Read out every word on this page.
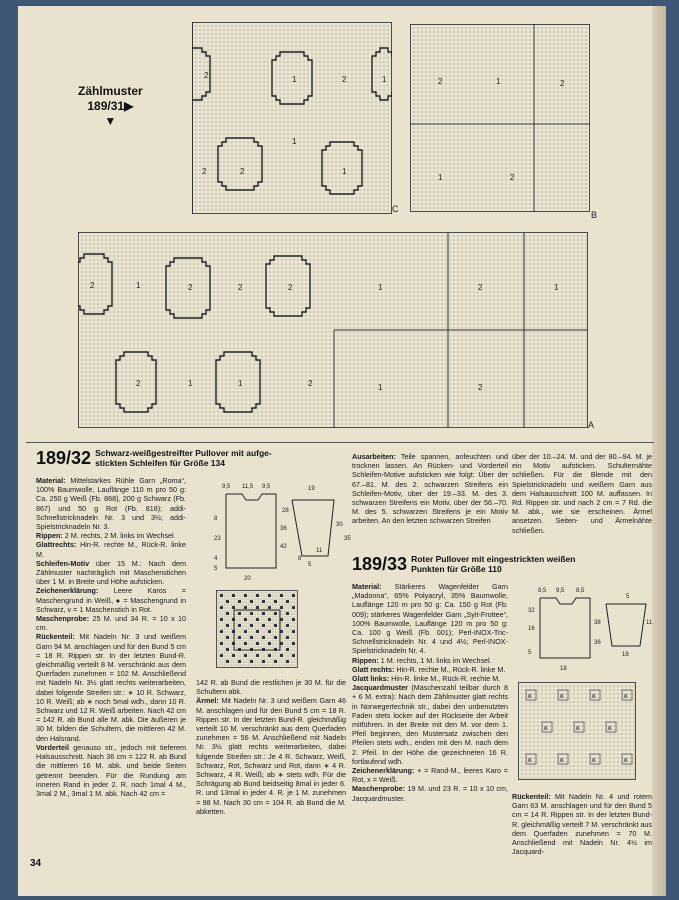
Zählmuster
189/31▶
▼
2	1	2	1
1
2	1
2
C
2	1	2
1	2
B
2	1	2	2	2	1	2	1
2	1	1	2	1	2
A
189/32 Schwarz-weißgestreifter Pullover mit aufge-
stickten Schleifen für Größe 134

Material: Mittelstarkes Rühle Garn „Roma“, 100% Baumwolle, Lauflänge 110 m pro 50 g: Ca. 250 g Weiß (Fb. 868), 200 g Schwarz (Fb. 867) und 50 g Rot (Fb. 818); addi-Schnellstricknadeln Nr. 3 und 3½; addi-Spielstricknadeln Nr. 3.

Rippen: 2 M. rechts, 2 M. links im Wechsel.

Glattrechts: Hin-R. rechte M., Rück-R. linke M.

Schleifen-Motiv über 15 M.: Nach dem Zählmuster nachträglich mit Maschenstichen über 1 M. in Breite und Höhe aufsticken.

Zeichenerklärung: Leere Karos = Maschengrund in Weiß, ● = Maschengrund in Schwarz, v = 1 Maschenstich in Rot.

Maschenprobe: 25 M. und 34 R. = 10 x 10 cm.

Rückenteil: Mit Nadeln Nr. 3 und weißem Garn 94 M. anschlagen und für den Bund 5 cm = 18 R. Rippen str. In der letzten Bund-R. gleichmäßig verteilt 8 M. verschränkt aus dem Querfaden zunehmen = 102 M. Anschließend mit Nadeln Nr. 3½ glatt rechts weiterarbeiten, dabei folgende Streifen str.: ∗ 10 R. Schwarz, 10 R. Weiß; ab ∗ noch 5mal wdh., dann 10 R. Schwarz und 12 R. Weiß arbeiten. Nach 42 cm = 142 R. ab Bund alle M. abk. Die äußeren je 30 M. bilden die Schultern, die mittleren 42 M. den Halsrand.

Vorderteil genauso str., jedoch mit tieferem Halsausschnitt. Nach 36 cm = 122 R. ab Bund die mittleren 16 M. abk. und beide Seiten getrennt beenden. Für die Rundung am inneren Rand in jeder 2. R. noch 1mal 4 M., 3mal 2 M., 3mal 1 M. abk. Nach 42 cm =

9,5 11,5 9,5
8
20
4
23
36
42
5
5
19
28
30
35
11
8

142 R. ab Bund die restlichen je 30 M. für die Schultern abk.

Ärmel: Mit Nadeln Nr. 3 und weißem Garn 46 M. anschlagen und für den Bund 5 cm = 18 R. Rippen str. In der letzten Bund-R. gleichmäßig verteilt 10 M. verschränkt aus dem Querfaden zunehmen = 56 M. Anschließend mit Nadeln Nr. 3½ glatt rechts weiterarbeiten, dabei folgende Streifen str.: Je 4 R. Schwarz, Weiß, Schwarz, Rot, Schwarz und Rot, dann ∗ 4 R. Schwarz, 4 R. Weiß; ab ∗ stets wdh. Für die Schrägung ab Bund beidseitig 8mal in jeder 6. R. und 13mal in jeder 4. R. je 1 M. zunehmen = 98 M. Nach 30 cm = 104 R. ab Bund die M. abketten.

Ausarbeiten: Teile spannen, anfeuchten und trocknen lassen. An Rücken- und Vorderteil Schleifen-Motive aufsticken wie folgt: Über der 67.–81. M. des 2. schwarzen Streifens ein Schleifen-Motiv, über der 19.–33. M. des 3. schwarzen Streifens ein Motiv, über der 56.–70. M. des 5. schwarzen Streifens je ein Motiv arbeiten. An den letzten schwarzen Streifen

über der 10.–24. M. und der 80.–94. M. je ein Motiv aufsticken. Schulternähte schließen. Für die Blende mit den Spielstricknadeln und weißem Garn aus dem Halsausschnitt 100 M. auffassen. In Rd. Rippen str. und nach 2 cm = 7 Rd. die M. abk., wie sie erscheinen. Ärmel ansetzen. Seiten- und Ärmelnähte schließen.

189/33 Roter Pullover mit eingestrickten weißen
Punkten für Größe 110

Material: Stärkeres Wagenfelder Garn „Madonna“, 65% Polyacryl, 35% Baumwolle, Lauflänge 120 m pro 50 g: Ca. 150 g Rot (Fb. 009); stärkeres Wagenfelder Garn „Syit-Frottee“, 100% Baumwolle, Lauflänge 120 m pro 50 g: Ca. 100 g Weiß (Fb. 001); Perl-INOX-Tric-Schnellstricknadeln Nr. 4 und 4½; Perl-INOX-Spielstricknadeln Nr. 4.

Rippen: 1 M. rechts, 1 M. links im Wechsel.

Glatt rechts: Hin-R. rechte M., Rück-R. linke M.

Glatt links: Hin-R. linke M., Rück-R. rechte M.

Jacquardmuster (Maschenzahl teilbar durch 8 + 6 M. extra): Nach dem Zählmuster glatt rechts in Norwegertechnik str., dabei den unbenutzten Faden stets locker auf der Rückseite der Arbeit mitführen. In der Breite mit den M. vor dem 1. Pfeil beginnen, den Mustersatz zwischen den Pfeilen stets wdh., enden mit den M. nach dem 2. Pfeil. In der Höhe die gezeichneten 16 R. fortlaufend wdh.

Zeichenerklärung: + = Rand-M., leeres Karo = Rot, x = Weiß.

Maschenprobe: 19 M. und 23 R. = 10 x 10 cm, Jacquardmuster.

8,5 9,5 8,5
18
5
16
38
32
36
18
5
11
×	×	×	×
×	×	×
×	×	×	×

Rückenteil: Mit Nadeln Nr. 4 und rotem Garn 63 M. anschlagen und für den Bund 5 cm = 14 R. Rippen str. In der letzten Bund-R. gleichmäßig verteilt 7 M. verschränkt aus dem Querfaden zunehmen = 70 M. Anschließend mit Nadeln Nr. 4½ im Jacquard-

34
